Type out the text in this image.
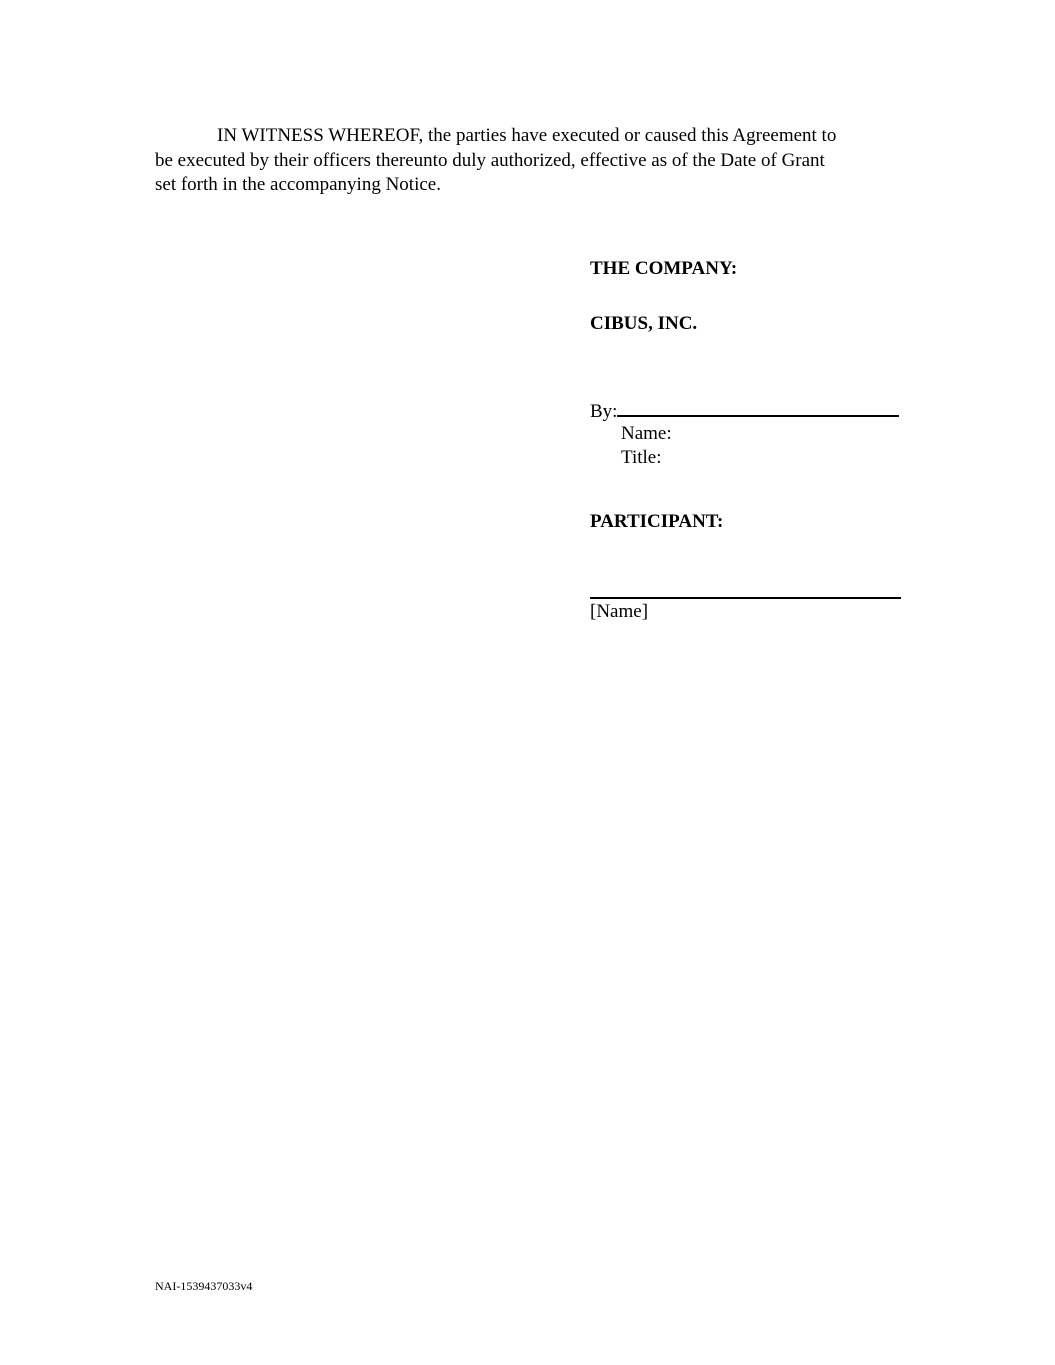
IN WITNESS WHEREOF, the parties have executed or caused this Agreement to
be executed by their officers thereunto duly authorized, effective as of the Date of Grant
set forth in the accompanying Notice.
THE COMPANY:
CIBUS, INC.
By:
Name:
Title:
PARTICIPANT:
[Name]
NAI-1539437033v4
